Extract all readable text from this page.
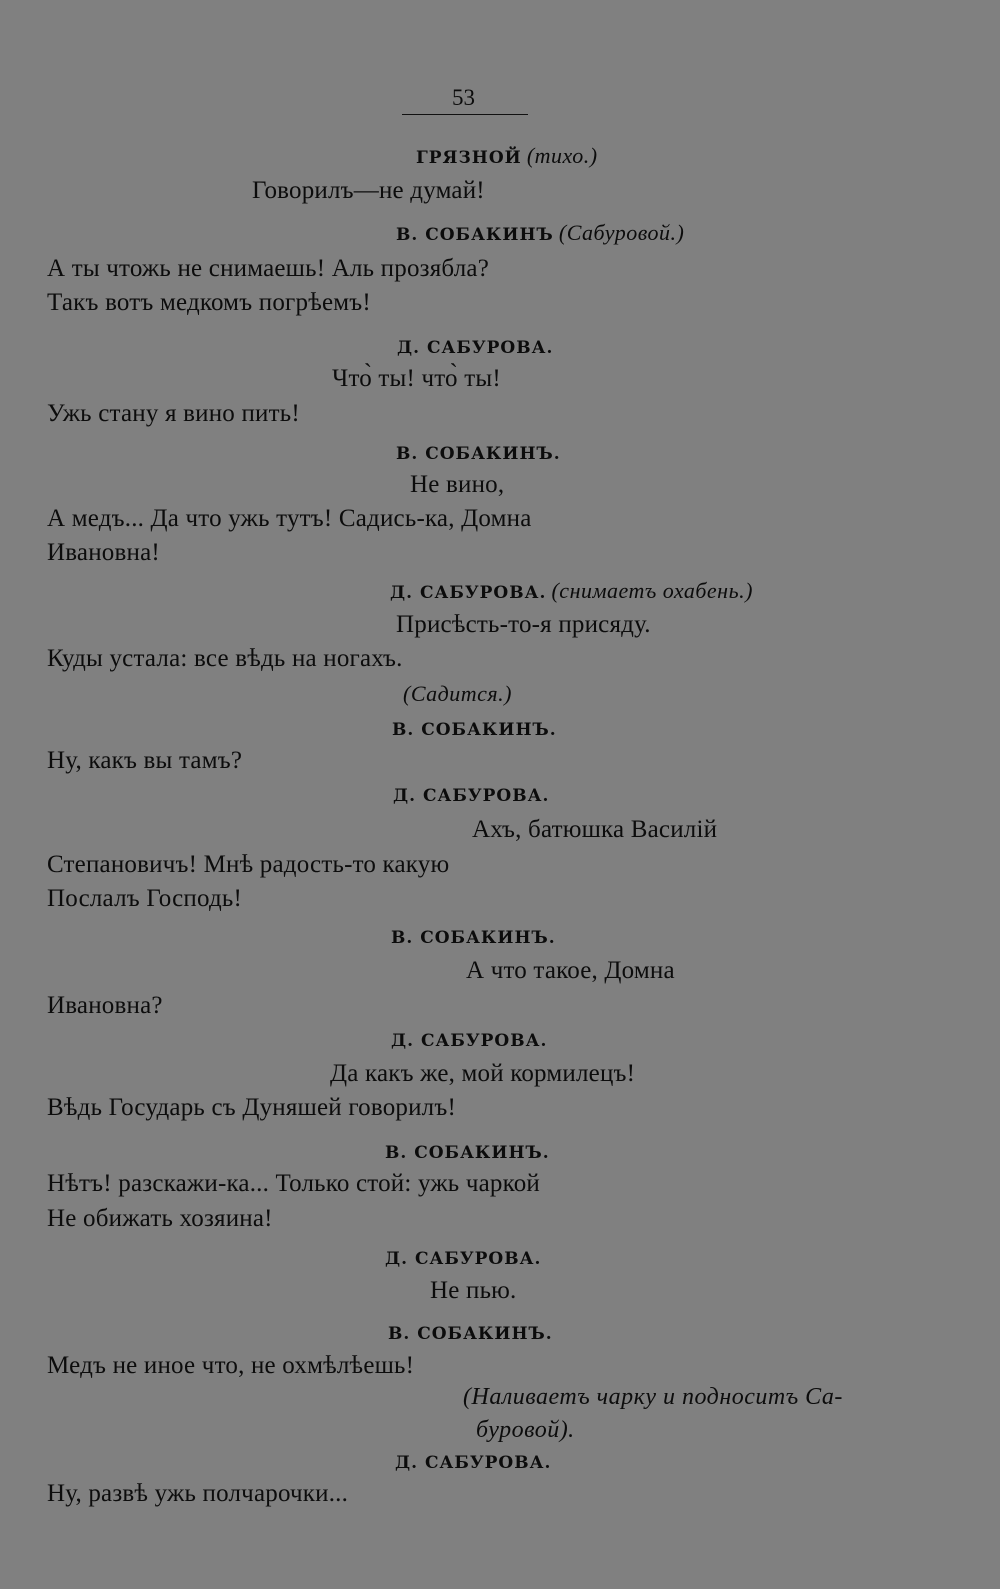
53
ГРЯЗНОЙ (тихо.)
Говорилъ—не думай!
В. СОБАКИНЪ (Сабуровой.)
А ты чтожь не снимаешь! Аль прозябла?
Такъ вотъ медкомъ погрѣемъ!
Д. САБУРОВА.
Что̀ ты! что̀ ты!
Ужь стану я вино пить!
В. СОБАКИНЪ.
Не вино,
А медъ... Да что ужь тутъ! Садись-ка, Домна
Ивановна!
Д. САБУРОВА. (снимаетъ охабень.)
Присѣсть-то-я присяду.
Куды устала: все вѣдь на ногахъ.
(Садится.)
В. СОБАКИНЪ.
Ну, какъ вы тамъ?
Д. САБУРОВА.
Ахъ, батюшка Василій
Степановичъ! Мнѣ радость-то какую
Послалъ Господь!
В. СОБАКИНЪ.
А что такое, Домна
Ивановна?
Д. САБУРОВА.
Да какъ же, мой кормилецъ!
Вѣдь Государь съ Дуняшей говорилъ!
В. СОБАКИНЪ.
Нѣтъ! разскажи-ка... Только стой: ужь чаркой
Не обижать хозяина!
Д. САБУРОВА.
Не пью.
В. СОБАКИНЪ.
Медъ не иное что, не охмѣлѣешь!
(Наливаетъ чарку и подноситъ Са-
буровой).
Д. САБУРОВА.
Ну, развѣ ужь полчарочки...
